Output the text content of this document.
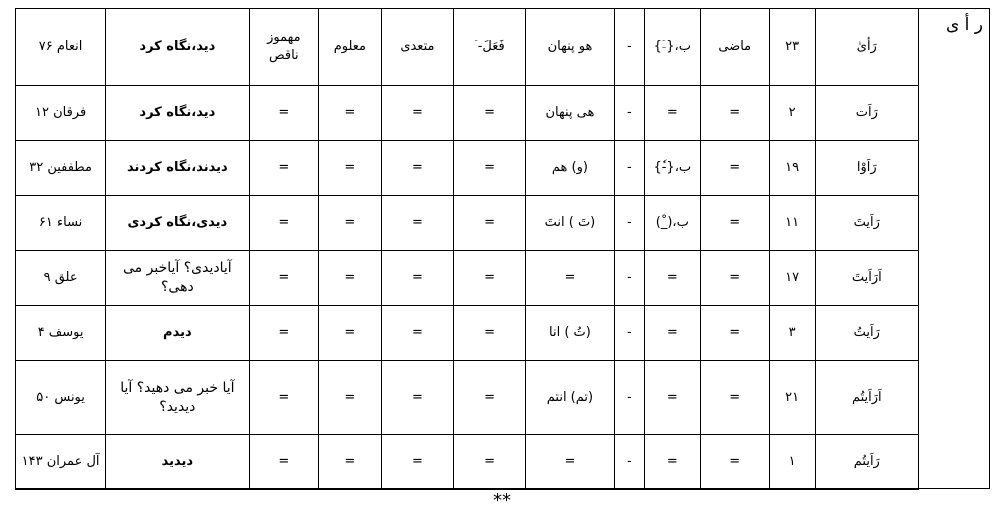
ر أ ی
رَأیٰ	۲۳	ماضی	ب،{-ٙ}	-	هو پنهان	فَعَلَ- ٙ	متعدی	معلوم	مهموز ناقص	دید،نگاه کرد	انعام ۷۶
رَاَت	۲	=	=	-	هی پنهان	=	=	=	=	دید،نگاه کرد	فرقان ۱۲
رَاَوْا	۱۹	=	ب،{-ٗ}	-	(و) هم	=	=	=	=	دیدند،نگاه کردند	مطففین ۳۲
رَاَیتَ	۱۱	=	ب،(_ْ)	-	(تَ ) انتَ	=	=	=	=	دیدی،نگاه کردی	نساء ۶۱
اَرَاَیتَ	۱۷	=	=	-	=	=	=	=	=	آیادیدی؟ آیاخبر می دهی؟	علق ۹
رَاَیتُ	۳	=	=	-	(تُ ) انا	=	=	=	=	دیدم	یوسف ۴
اَرَاَیتُم	۲۱	=	=	-	(تم) انتم	=	=	=	=	آیا خبر می دهید؟ آیا دیدید؟	یونس ۵۰
رَاَیتُم	۱	=	=	-	=	=	=	=	=	دیدید	آل عمران ۱۴۳
**
